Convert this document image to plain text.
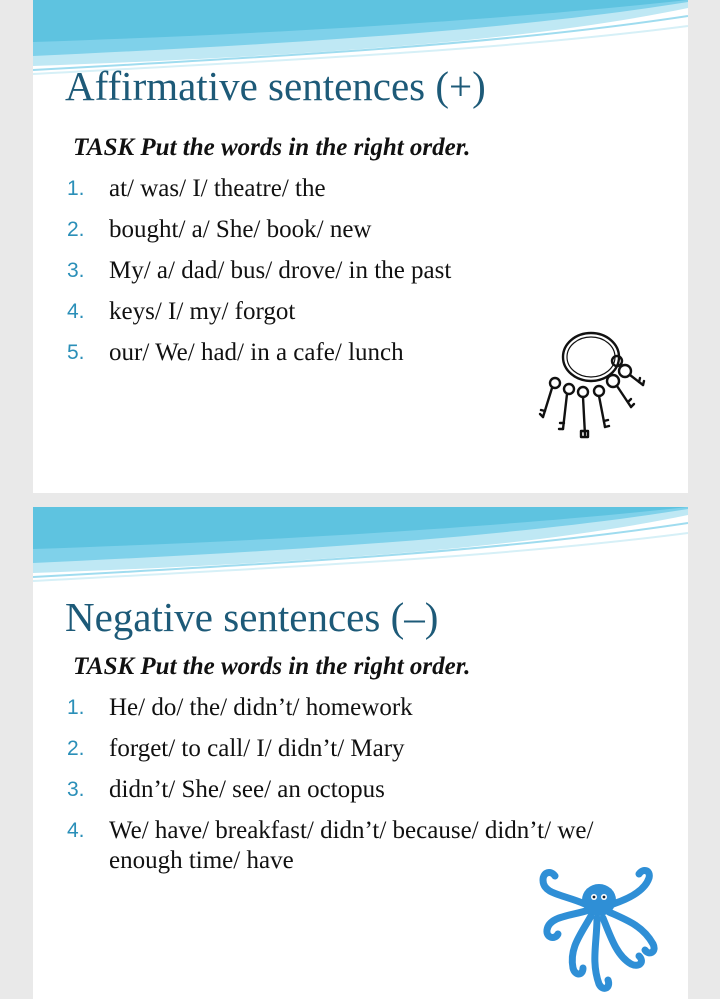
Affirmative sentences (+)

TASK Put the words in the right order.

1. at/ was/ I/ theatre/ the
2. bought/ a/ She/ book/ new
3. My/ a/ dad/ bus/ drove/ in the past
4. keys/ I/ my/ forgot
5. our/ We/ had/ in a cafe/ lunch
Negative sentences (–)

TASK Put the words in the right order.

1. He/ do/ the/ didn’t/ homework
2. forget/ to call/ I/ didn’t/ Mary
3. didn’t/ She/ see/ an octopus
4. We/ have/ breakfast/ didn’t/ because/ didn’t/ we/ enough time/ have
